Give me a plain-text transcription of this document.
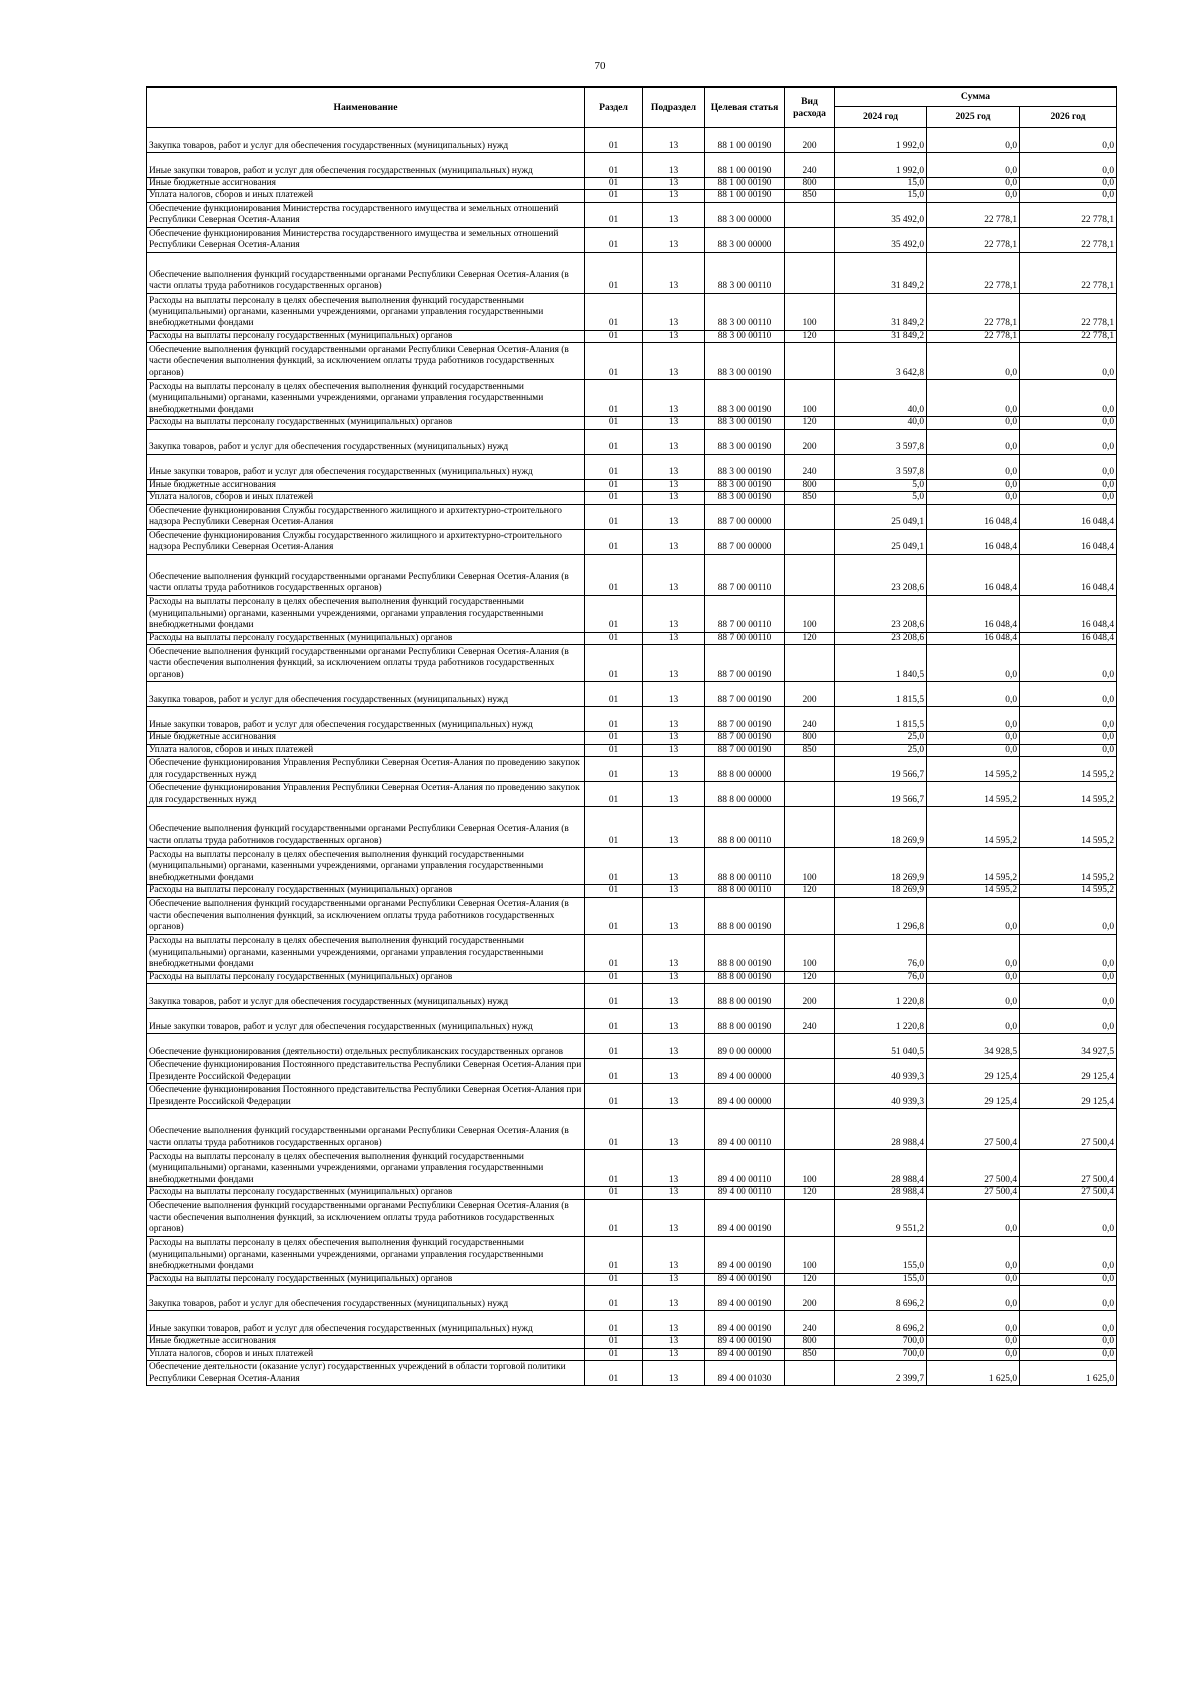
70
Наименование	Раздел	Подраздел	Целевая статья	Вид расхода	Сумма		
					2024 год	2025 год	2026 год
Закупка товаров, работ и услуг для обеспечения государственных (муниципальных) нужд	01	13	88 1 00 00190	200	1 992,0	0,0	0,0
Иные закупки товаров, работ и услуг для обеспечения государственных (муниципальных) нужд	01	13	88 1 00 00190	240	1 992,0	0,0	0,0
Иные бюджетные ассигнования	01	13	88 1 00 00190	800	15,0	0,0	0,0
Уплата налогов, сборов и иных платежей	01	13	88 1 00 00190	850	15,0	0,0	0,0
Обеспечение функционирования Министерства государственного имущества и земельных отношений Республики Северная Осетия-Алания	01	13	88 3 00 00000		35 492,0	22 778,1	22 778,1
Обеспечение функционирования Министерства государственного имущества и земельных отношений Республики Северная Осетия-Алания	01	13	88 3 00 00000		35 492,0	22 778,1	22 778,1
Обеспечение выполнения функций государственными органами Республики Северная Осетия-Алания (в части оплаты труда работников государственных органов)	01	13	88 3 00 00110		31 849,2	22 778,1	22 778,1
Расходы на выплаты персоналу в целях обеспечения выполнения функций государственными (муниципальными) органами, казенными учреждениями, органами управления государственными внебюджетными фондами	01	13	88 3 00 00110	100	31 849,2	22 778,1	22 778,1
Расходы на выплаты персоналу государственных (муниципальных) органов	01	13	88 3 00 00110	120	31 849,2	22 778,1	22 778,1
Обеспечение выполнения функций государственными органами Республики Северная Осетия-Алания (в части обеспечения выполнения функций, за исключением оплаты труда работников государственных органов)	01	13	88 3 00 00190		3 642,8	0,0	0,0
Расходы на выплаты персоналу в целях обеспечения выполнения функций государственными (муниципальными) органами, казенными учреждениями, органами управления государственными внебюджетными фондами	01	13	88 3 00 00190	100	40,0	0,0	0,0
Расходы на выплаты персоналу государственных (муниципальных) органов	01	13	88 3 00 00190	120	40,0	0,0	0,0
Закупка товаров, работ и услуг для обеспечения государственных (муниципальных) нужд	01	13	88 3 00 00190	200	3 597,8	0,0	0,0
Иные закупки товаров, работ и услуг для обеспечения государственных (муниципальных) нужд	01	13	88 3 00 00190	240	3 597,8	0,0	0,0
Иные бюджетные ассигнования	01	13	88 3 00 00190	800	5,0	0,0	0,0
Уплата налогов, сборов и иных платежей	01	13	88 3 00 00190	850	5,0	0,0	0,0
Обеспечение функционирования Службы государственного жилищного и архитектурно-строительного надзора Республики Северная Осетия-Алания	01	13	88 7 00 00000		25 049,1	16 048,4	16 048,4
Обеспечение функционирования Службы государственного жилищного и архитектурно-строительного надзора Республики Северная Осетия-Алания	01	13	88 7 00 00000		25 049,1	16 048,4	16 048,4
Обеспечение выполнения функций государственными органами Республики Северная Осетия-Алания (в части оплаты труда работников государственных органов)	01	13	88 7 00 00110		23 208,6	16 048,4	16 048,4
Расходы на выплаты персоналу в целях обеспечения выполнения функций государственными (муниципальными) органами, казенными учреждениями, органами управления государственными внебюджетными фондами	01	13	88 7 00 00110	100	23 208,6	16 048,4	16 048,4
Расходы на выплаты персоналу государственных (муниципальных) органов	01	13	88 7 00 00110	120	23 208,6	16 048,4	16 048,4
Обеспечение выполнения функций государственными органами Республики Северная Осетия-Алания (в части обеспечения выполнения функций, за исключением оплаты труда работников государственных органов)	01	13	88 7 00 00190		1 840,5	0,0	0,0
Закупка товаров, работ и услуг для обеспечения государственных (муниципальных) нужд	01	13	88 7 00 00190	200	1 815,5	0,0	0,0
Иные закупки товаров, работ и услуг для обеспечения государственных (муниципальных) нужд	01	13	88 7 00 00190	240	1 815,5	0,0	0,0
Иные бюджетные ассигнования	01	13	88 7 00 00190	800	25,0	0,0	0,0
Уплата налогов, сборов и иных платежей	01	13	88 7 00 00190	850	25,0	0,0	0,0
Обеспечение функционирования Управления Республики Северная Осетия-Алания по проведению закупок для государственных нужд	01	13	88 8 00 00000		19 566,7	14 595,2	14 595,2
Обеспечение функционирования Управления Республики Северная Осетия-Алания по проведению закупок для государственных нужд	01	13	88 8 00 00000		19 566,7	14 595,2	14 595,2
Обеспечение выполнения функций государственными органами Республики Северная Осетия-Алания (в части оплаты труда работников государственных органов)	01	13	88 8 00 00110		18 269,9	14 595,2	14 595,2
Расходы на выплаты персоналу в целях обеспечения выполнения функций государственными (муниципальными) органами, казенными учреждениями, органами управления государственными внебюджетными фондами	01	13	88 8 00 00110	100	18 269,9	14 595,2	14 595,2
Расходы на выплаты персоналу государственных (муниципальных) органов	01	13	88 8 00 00110	120	18 269,9	14 595,2	14 595,2
Обеспечение выполнения функций государственными органами Республики Северная Осетия-Алания (в части обеспечения выполнения функций, за исключением оплаты труда работников государственных органов)	01	13	88 8 00 00190		1 296,8	0,0	0,0
Расходы на выплаты персоналу в целях обеспечения выполнения функций государственными (муниципальными) органами, казенными учреждениями, органами управления государственными внебюджетными фондами	01	13	88 8 00 00190	100	76,0	0,0	0,0
Расходы на выплаты персоналу государственных (муниципальных) органов	01	13	88 8 00 00190	120	76,0	0,0	0,0
Закупка товаров, работ и услуг для обеспечения государственных (муниципальных) нужд	01	13	88 8 00 00190	200	1 220,8	0,0	0,0
Иные закупки товаров, работ и услуг для обеспечения государственных (муниципальных) нужд	01	13	88 8 00 00190	240	1 220,8	0,0	0,0
Обеспечение функционирования (деятельности) отдельных республиканских государственных органов	01	13	89 0 00 00000		51 040,5	34 928,5	34 927,5
Обеспечение функционирования Постоянного представительства Республики Северная Осетия-Алания при Президенте Российской Федерации	01	13	89 4 00 00000		40 939,3	29 125,4	29 125,4
Обеспечение функционирования Постоянного представительства Республики Северная Осетия-Алания при Президенте Российской Федерации	01	13	89 4 00 00000		40 939,3	29 125,4	29 125,4
Обеспечение выполнения функций государственными органами Республики Северная Осетия-Алания (в части оплаты труда работников государственных органов)	01	13	89 4 00 00110		28 988,4	27 500,4	27 500,4
Расходы на выплаты персоналу в целях обеспечения выполнения функций государственными (муниципальными) органами, казенными учреждениями, органами управления государственными внебюджетными фондами	01	13	89 4 00 00110	100	28 988,4	27 500,4	27 500,4
Расходы на выплаты персоналу государственных (муниципальных) органов	01	13	89 4 00 00110	120	28 988,4	27 500,4	27 500,4
Обеспечение выполнения функций государственными органами Республики Северная Осетия-Алания (в части обеспечения выполнения функций, за исключением оплаты труда работников государственных органов)	01	13	89 4 00 00190		9 551,2	0,0	0,0
Расходы на выплаты персоналу в целях обеспечения выполнения функций государственными (муниципальными) органами, казенными учреждениями, органами управления государственными внебюджетными фондами	01	13	89 4 00 00190	100	155,0	0,0	0,0
Расходы на выплаты персоналу государственных (муниципальных) органов	01	13	89 4 00 00190	120	155,0	0,0	0,0
Закупка товаров, работ и услуг для обеспечения государственных (муниципальных) нужд	01	13	89 4 00 00190	200	8 696,2	0,0	0,0
Иные закупки товаров, работ и услуг для обеспечения государственных (муниципальных) нужд	01	13	89 4 00 00190	240	8 696,2	0,0	0,0
Иные бюджетные ассигнования	01	13	89 4 00 00190	800	700,0	0,0	0,0
Уплата налогов, сборов и иных платежей	01	13	89 4 00 00190	850	700,0	0,0	0,0
Обеспечение деятельности (оказание услуг) государственных учреждений в области торговой политики Республики Северная Осетия-Алания	01	13	89 4 00 01030		2 399,7	1 625,0	1 625,0
